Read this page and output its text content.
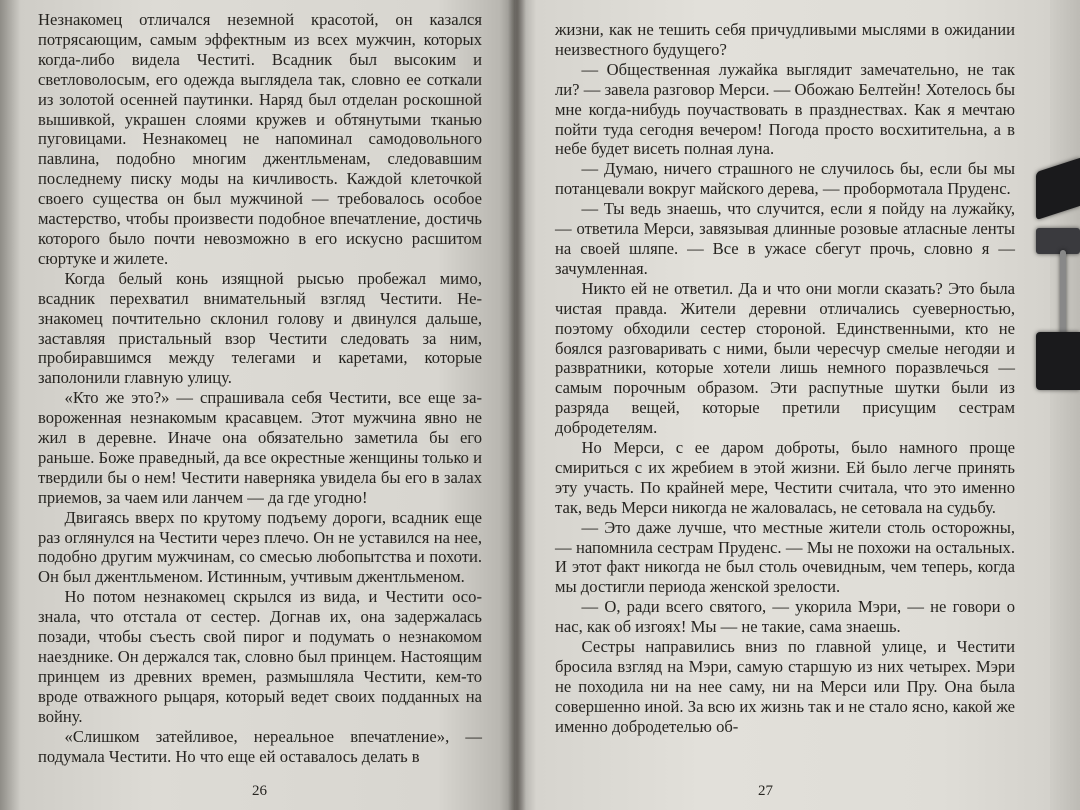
Незнакомец отличался неземной красотой, он казался потрясающим, самым эффектным из всех мужчин, которых когда-либо видела Честитi. Всадник был высоким и светловолосым, его одежда выглядела так, словно ее соткали из золотой осенней паутинки. Наряд был отделан роскошной вышивкой, украшен слоями кружев и обтянутыми тканью пуговицами. Незнакомец не напоминал самодовольного павлина, подобно многим джентльменам, следовавшим последнему писку моды на кичливость. Каждой клеточкой своего существа он был мужчиной — требовалось особое мастерство, чтобы произвести подобное впечатление, достичь которого было почти невозможно в его искусно расшитом сюртуке и жилете.

Когда белый конь изящной рысью пробежал мимо, всадник перехватил внимательный взгляд Честити. Незнакомец почтительно склонил голову и двинулся дальше, заставляя пристальный взор Честити следовать за ним, пробиравшимся между телегами и каретами, которые заполонили главную улицу.

«Кто же это?» — спрашивала себя Честити, все еще завороженная незнакомым красавцем. Этот мужчина явно не жил в деревне. Иначе она обязательно заметила бы его раньше. Боже праведный, да все окрестные женщины только и твердили бы о нем! Честити наверняка увидела бы его в залах приемов, за чаем или ланчем — да где угодно!

Двигаясь вверх по крутому подъему дороги, всадник еще раз оглянулся на Честити через плечо. Он не уставился на нее, подобно другим мужчинам, со смесью любопытства и похоти. Он был джентльменом. Истинным, учтивым джентльменом.

Но потом незнакомец скрылся из вида, и Честити осознала, что отстала от сестер. Догнав их, она задержалась позади, чтобы съесть свой пирог и подумать о незнакомом наезднике. Он держался так, словно был принцем. Настоящим принцем из древних времен, размышляла Честити, кем-то вроде отважного рыцаря, который ведет своих подданных на войну.

«Слишком затейливое, нереальное впечатление», — подумала Честити. Но что еще ей оставалось делать в

26

жизни, как не тешить себя причудливыми мыслями в ожидании неизвестного будущего?

— Общественная лужайка выглядит замечательно, не так ли? — завела разговор Мерси. — Обожаю Белтейн! Хотелось бы мне когда-нибудь поучаствовать в празднествах. Как я мечтаю пойти туда сегодня вечером! Погода просто восхитительна, а в небе будет висеть полная луна.

— Думаю, ничего страшного не случилось бы, если бы мы потанцевали вокруг майского дерева, — пробормотала Пруденс.

— Ты ведь знаешь, что случится, если я пойду на лужайку, — ответила Мерси, завязывая длинные розовые атласные ленты на своей шляпе. — Все в ужасе сбегут прочь, словно я — зачумленная.

Никто ей не ответил. Да и что они могли сказать? Это была чистая правда. Жители деревни отличались суеверностью, поэтому обходили сестер стороной. Единственными, кто не боялся разговаривать с ними, были чересчур смелые негодяи и развратники, которые хотели лишь немного поразвлечься — самым порочным образом. Эти распутные шутки были из разряда вещей, которые претили присущим сестрам добродетелям.

Но Мерси, с ее даром доброты, было намного проще смириться с их жребием в этой жизни. Ей было легче принять эту участь. По крайней мере, Честити считала, что это именно так, ведь Мерси никогда не жаловалась, не сетовала на судьбу.

— Это даже лучше, что местные жители столь осторожны, — напомнила сестрам Пруденс. — Мы не похожи на остальных. И этот факт никогда не был столь очевидным, чем теперь, когда мы достигли периода женской зрелости.

— О, ради всего святого, — укорила Мэри, — не говори о нас, как об изгоях! Мы — не такие, сама знаешь.

Сестры направились вниз по главной улице, и Честити бросила взгляд на Мэри, самую старшую из них четырех. Мэри не походила ни на нее саму, ни на Мерси или Пру. Она была совершенно иной. За всю их жизнь так и не стало ясно, какой же именно добродетелью об-

27
